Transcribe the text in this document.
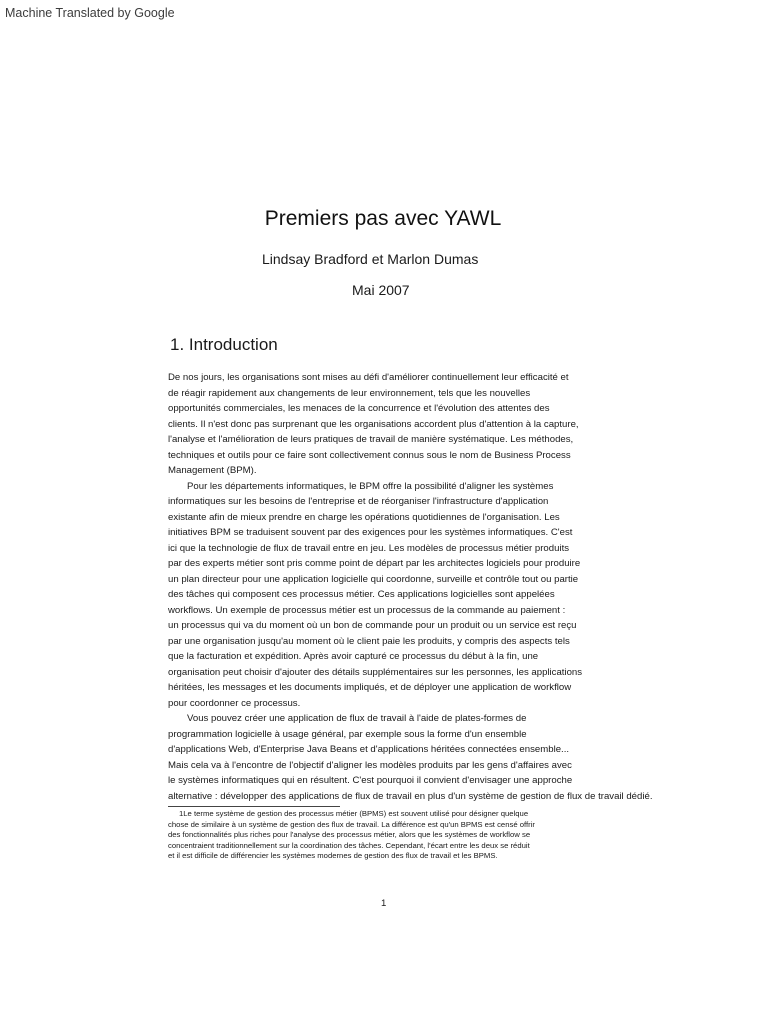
Machine Translated by Google
Premiers pas avec YAWL
Lindsay Bradford et Marlon Dumas
Mai 2007
1. Introduction
De nos jours, les organisations sont mises au défi d'améliorer continuellement leur efficacité et
de réagir rapidement aux changements de leur environnement, tels que les nouvelles
opportunités commerciales, les menaces de la concurrence et l'évolution des attentes des
clients. Il n'est donc pas surprenant que les organisations accordent plus d'attention à la capture,
l'analyse et l'amélioration de leurs pratiques de travail de manière systématique. Les méthodes,
techniques et outils pour ce faire sont collectivement connus sous le nom de Business Process
Management (BPM).
Pour les départements informatiques, le BPM offre la possibilité d'aligner les systèmes
informatiques sur les besoins de l'entreprise et de réorganiser l'infrastructure d'application
existante afin de mieux prendre en charge les opérations quotidiennes de l'organisation. Les
initiatives BPM se traduisent souvent par des exigences pour les systèmes informatiques. C'est
ici que la technologie de flux de travail entre en jeu. Les modèles de processus métier produits
par des experts métier sont pris comme point de départ par les architectes logiciels pour produire
un plan directeur pour une application logicielle qui coordonne, surveille et contrôle tout ou partie
des tâches qui composent ces processus métier. Ces applications logicielles sont appelées
workflows. Un exemple de processus métier est un processus de la commande au paiement :
un processus qui va du moment où un bon de commande pour un produit ou un service est reçu
par une organisation jusqu'au moment où le client paie les produits, y compris des aspects tels
que la facturation et expédition. Après avoir capturé ce processus du début à la fin, une
organisation peut choisir d'ajouter des détails supplémentaires sur les personnes, les applications
héritées, les messages et les documents impliqués, et de déployer une application de workflow
pour coordonner ce processus.
Vous pouvez créer une application de flux de travail à l'aide de plates-formes de
programmation logicielle à usage général, par exemple sous la forme d'un ensemble
d'applications Web, d'Enterprise Java Beans et d'applications héritées connectées ensemble...
Mais cela va à l'encontre de l'objectif d'aligner les modèles produits par les gens d'affaires avec
le systèmes informatiques qui en résultent. C'est pourquoi il convient d'envisager une approche
alternative : développer des applications de flux de travail en plus d'un système de gestion de flux de travail dédié.
1Le terme système de gestion des processus métier (BPMS) est souvent utilisé pour désigner quelque
chose de similaire à un système de gestion des flux de travail. La différence est qu'un BPMS est censé offrir
des fonctionnalités plus riches pour l'analyse des processus métier, alors que les systèmes de workflow se
concentraient traditionnellement sur la coordination des tâches. Cependant, l'écart entre les deux se réduit
et il est difficile de différencier les systèmes modernes de gestion des flux de travail et les BPMS.
1
